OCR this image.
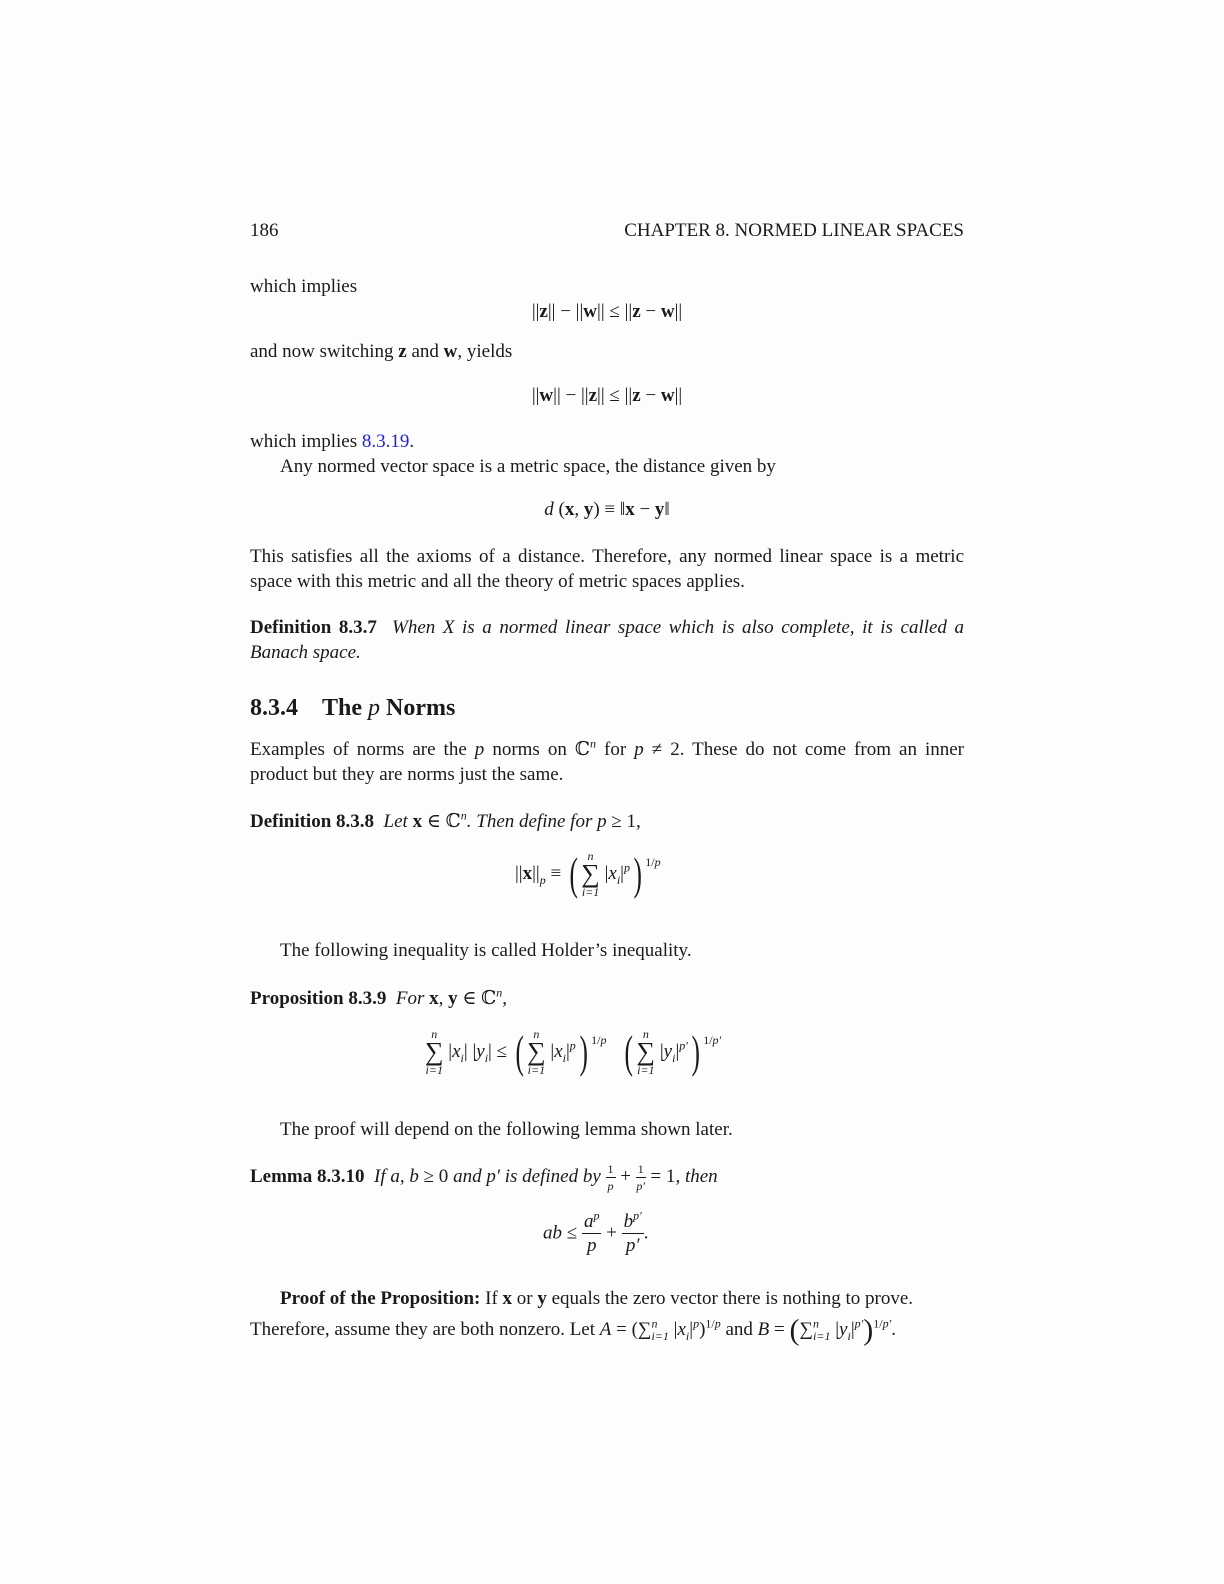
186	CHAPTER 8. NORMED LINEAR SPACES
which implies
||z|| − ||w|| ≤ ||z − w||
and now switching z and w, yields
||w|| − ||z|| ≤ ||z − w||
which implies 8.3.19.
Any normed vector space is a metric space, the distance given by
d (x, y) ≡ ‖x − y‖
This satisfies all the axioms of a distance. Therefore, any normed linear space is a metric space with this metric and all the theory of metric spaces applies.
Definition 8.3.7 When X is a normed linear space which is also complete, it is called a Banach space.
8.3.4 The p Norms
Examples of norms are the p norms on ℂ$^n$ for p ≠ 2. These do not come from an inner product but they are norms just the same.
Definition 8.3.8 Let x ∈ ℂ$^n$. Then define for p ≥ 1,
$||x||_p$ ≡ ( n
∑
i=1
$|x_i|^p$) $^{1/p}$
The following inequality is called Holder’s inequality.
Proposition 8.3.9 For x, y ∈ ℂ$^n$,
n
∑
i=1
$|x_i|$ $|y_i|$ ≤ ( n
∑
i=1
$|x_i|^p$) $^{1/p}$ ( n
∑
i=1
$|y_i|^{p'}$) $^{1/p'}$
The proof will depend on the following lemma shown later.
Lemma 8.3.10 If a, b ≥ 0 and p′ is defined by $\frac{1}{p} + \frac{1}{p'} = 1$, then
ab ≤ $\frac{a^p}{p} + \frac{b^{p'}}{p'}$ .
Proof of the Proposition: If x or y equals the zero vector there is nothing to prove.
Therefore, assume they are both nonzero. Let A = (∑$^n_{i=1}$ $|x_i|^p)^{1/p}$ and B = (∑$^n_{i=1}$ $|y_i|^{p'})^{1/p'}$.
